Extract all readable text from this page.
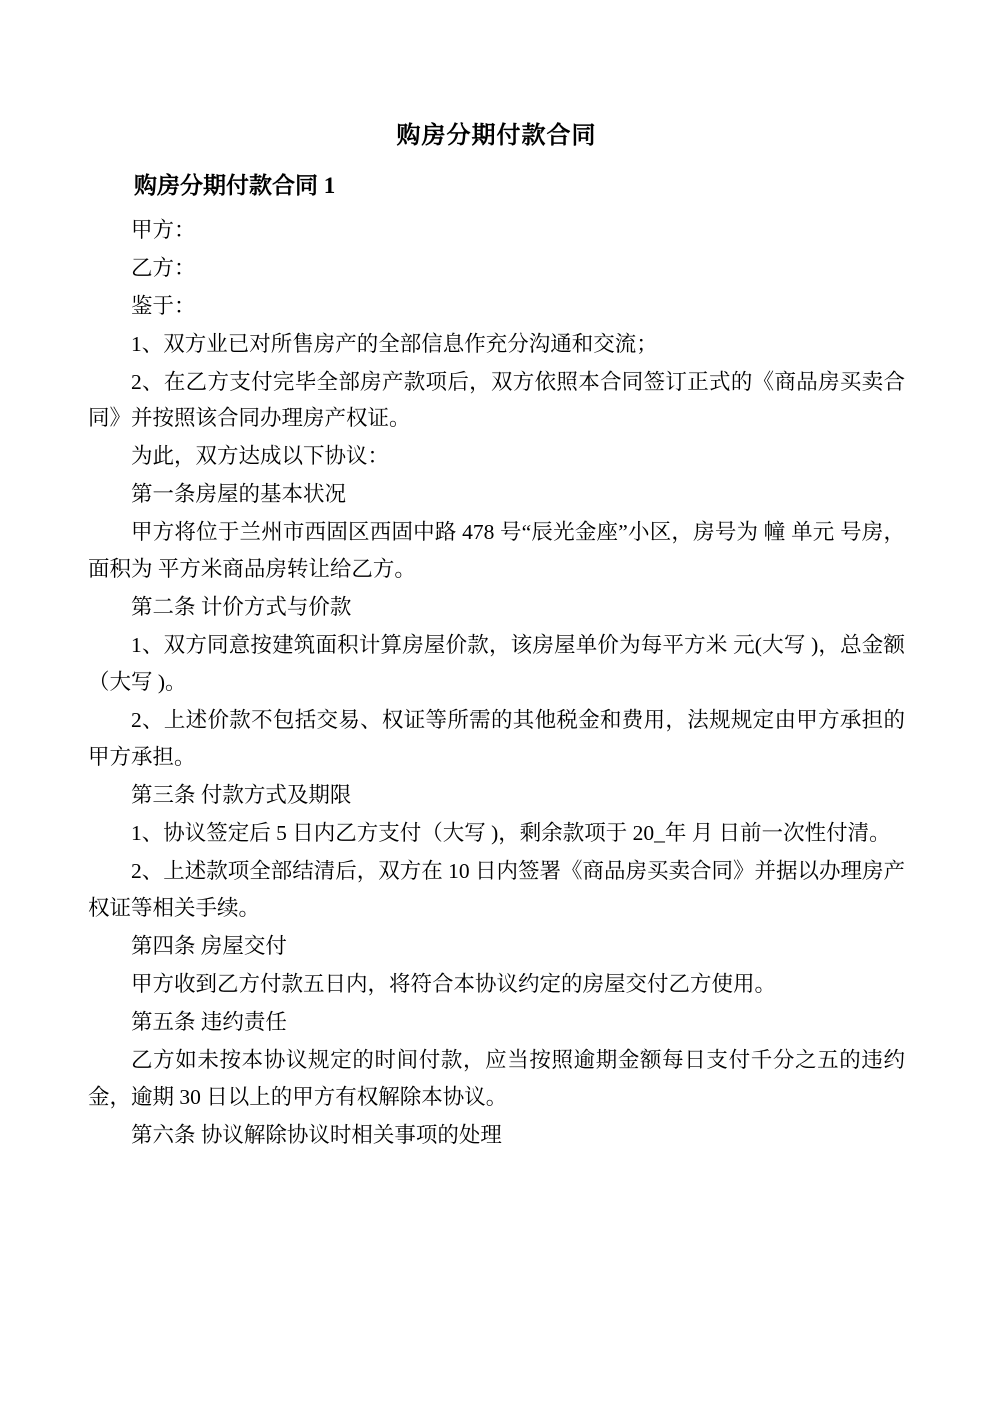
购房分期付款合同
购房分期付款合同 1

甲方：

乙方：

鉴于：

1、双方业已对所售房产的全部信息作充分沟通和交流；

2、在乙方支付完毕全部房产款项后，双方依照本合同签订正式的《商品房买卖合同》并按照该合同办理房产权证。

为此，双方达成以下协议：

第一条房屋的基本状况

甲方将位于兰州市西固区西固中路 478 号“辰光金座”小区，房号为 幢 单元 号房，面积为 平方米商品房转让给乙方。

第二条 计价方式与价款

1、双方同意按建筑面积计算房屋价款，该房屋单价为每平方米 元(大写 )，总金额（大写 )。

2、上述价款不包括交易、权证等所需的其他税金和费用，法规规定由甲方承担的甲方承担。

第三条 付款方式及期限

1、协议签定后 5 日内乙方支付（大写 )，剩余款项于 20_年 月 日前一次性付清。

2、上述款项全部结清后，双方在 10 日内签署《商品房买卖合同》并据以办理房产权证等相关手续。

第四条 房屋交付

甲方收到乙方付款五日内，将符合本协议约定的房屋交付乙方使用。

第五条 违约责任

乙方如未按本协议规定的时间付款，应当按照逾期金额每日支付千分之五的违约金，逾期 30 日以上的甲方有权解除本协议。

第六条 协议解除协议时相关事项的处理
